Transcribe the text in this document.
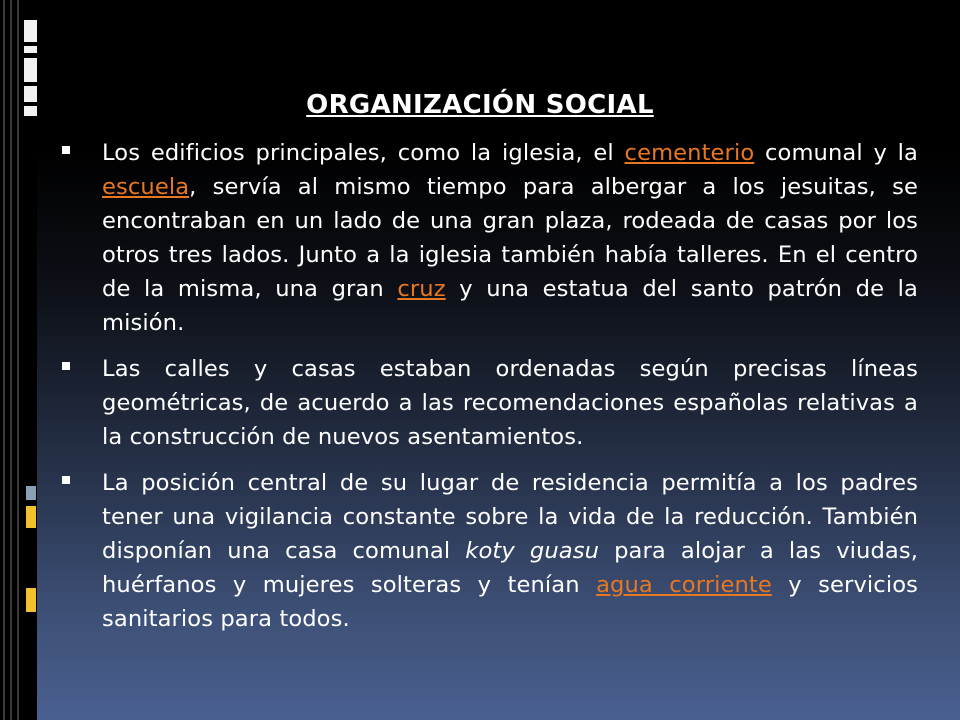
ORGANIZACIÓN SOCIAL
Los edificios principales, como la iglesia, el cementerio comunal y la escuela, servía al mismo tiempo para albergar a los jesuitas, se encontraban en un lado de una gran plaza, rodeada de casas por los otros tres lados. Junto a la iglesia también había talleres. En el centro de la misma, una gran cruz y una estatua del santo patrón de la misión.
Las calles y casas estaban ordenadas según precisas líneas geométricas, de acuerdo a las recomendaciones españolas relativas a la construcción de nuevos asentamientos.
La posición central de su lugar de residencia permitía a los padres tener una vigilancia constante sobre la vida de la reducción. También disponían una casa comunal koty guasu para alojar a las viudas, huérfanos y mujeres solteras y tenían agua corriente y servicios sanitarios para todos.
